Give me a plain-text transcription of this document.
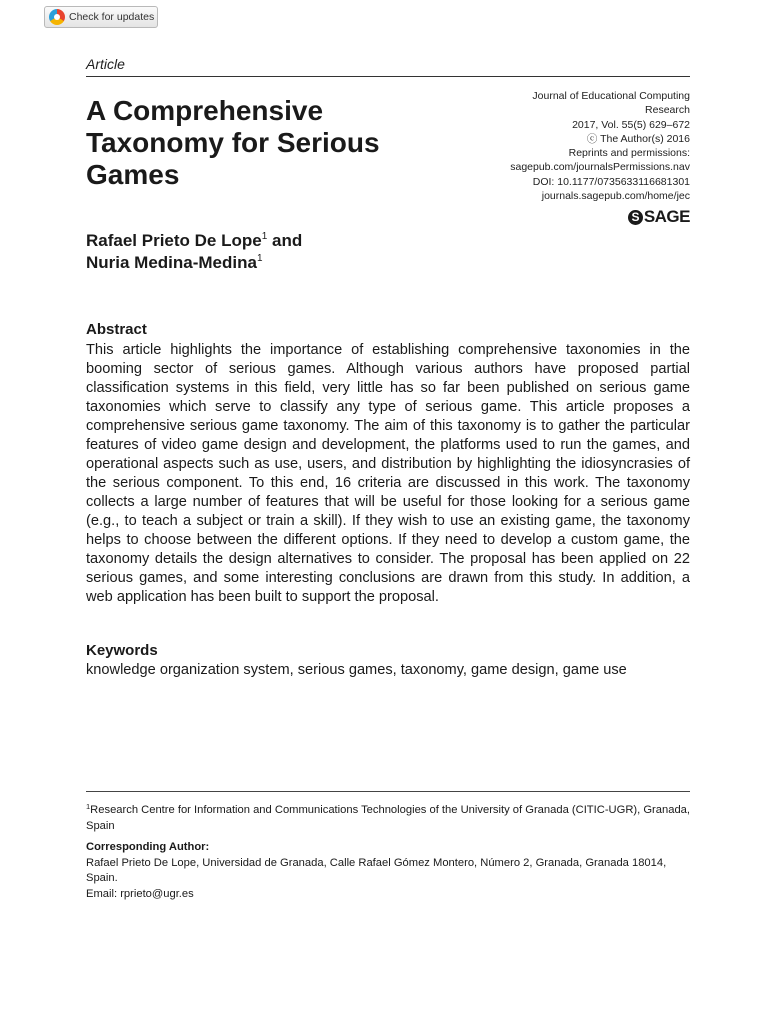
Check for updates
Article
A Comprehensive Taxonomy for Serious Games
Journal of Educational Computing
Research
2017, Vol. 55(5) 629–672
ⓒ The Author(s) 2016
Reprints and permissions:
sagepub.com/journalsPermissions.nav
DOI: 10.1177/0735633116681301
journals.sagepub.com/home/jec
S SAGE
Rafael Prieto De Lope$^1$ and
Nuria Medina-Medina$^1$
Abstract

This article highlights the importance of establishing comprehensive taxonomies in the booming sector of serious games. Although various authors have proposed partial classification systems in this field, very little has so far been published on serious game taxonomies which serve to classify any type of serious game. This article proposes a comprehensive serious game taxonomy. The aim of this taxonomy is to gather the particular features of video game design and development, the platforms used to run the games, and operational aspects such as use, users, and distribution by highlighting the idiosyncrasies of the serious component. To this end, 16 criteria are discussed in this work. The taxonomy collects a large number of features that will be useful for those looking for a serious game (e.g., to teach a subject or train a skill). If they wish to use an existing game, the taxonomy helps to choose between the different options. If they need to develop a custom game, the taxonomy details the design alternatives to consider. The proposal has been applied on 22 serious games, and some interesting conclusions are drawn from this study. In addition, a web application has been built to support the proposal.

Keywords

knowledge organization system, serious games, taxonomy, game design, game use

$^1$Research Centre for Information and Communications Technologies of the University of Granada (CITIC-UGR), Granada, Spain
Corresponding Author:
Rafael Prieto De Lope, Universidad de Granada, Calle Rafael Gómez Montero, Número 2, Granada, Granada 18014, Spain.
Email: rprieto@ugr.es
